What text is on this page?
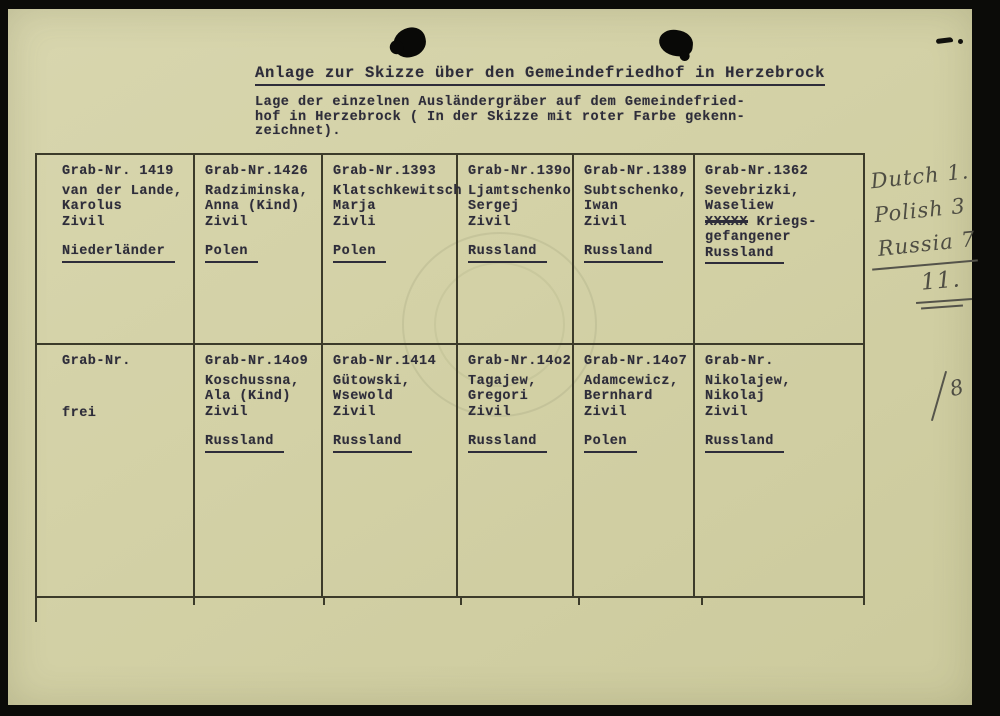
Anlage zur Skizze über den Gemeindefriedhof in Herzebrock
Lage der einzelnen Ausländergräber auf dem Gemeindefried-
hof in Herzebrock ( In der Skizze mit roter Farbe gekenn-
zeichnet).
Grab-Nr. 1419
van der Lande,
Karolus
Zivil
Niederländer
Grab-Nr.1426
Radziminska,
Anna (Kind)
Zivil
Polen
Grab-Nr.1393
Klatschkewitsch
Marja
Zivli
Polen
Grab-Nr.139o
Ljamtschenko
Sergej
Zivil
Russland
Grab-Nr.1389
Subtschenko,
Iwan
Zivil
Russland
Grab-Nr.1362
Sevebrizki,
Waseliew
XXXXX Kriegs-
gefangener
Russland
Grab-Nr.
frei
Grab-Nr.14o9
Koschussna,
Ala (Kind)
Zivil
Russland
Grab-Nr.1414
Gütowski,
Wsewold
Zivil
Russland
Grab-Nr.14o2
Tagajew,
Gregori
Zivil
Russland
Grab-Nr.14o7
Adamcewicz,
Bernhard
Zivil
Polen
Grab-Nr.
Nikolajew,
Nikolaj
Zivil
Russland
Dutch 1.
Polish 3
Russia 7
11.
8
